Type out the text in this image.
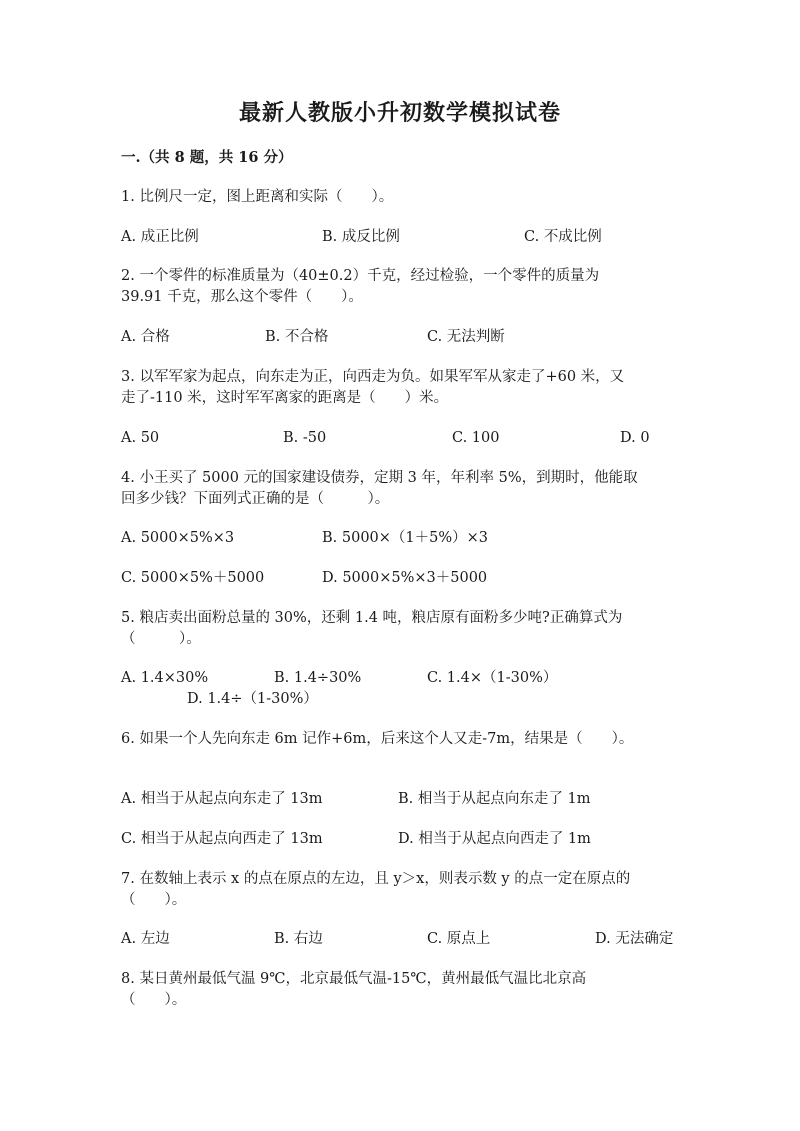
最新人教版小升初数学模拟试卷
一.（共 8 题，共 16 分）
1. 比例尺一定，图上距离和实际（　　）。
A. 成正比例	B. 成反比例	C. 不成比例
2. 一个零件的标准质量为（40±0.2）千克，经过检验，一个零件的质量为
39.91 千克，那么这个零件（　　）。
A. 合格	B. 不合格	C. 无法判断
3. 以军军家为起点，向东走为正，向西走为负。如果军军从家走了+60 米，又
走了-110 米，这时军军离家的距离是（　　）米。
A. 50	B. -50	C. 100	D. 0
4. 小王买了 5000 元的国家建设债券，定期 3 年，年利率 5%，到期时，他能取
回多少钱？下面列式正确的是（　　　）。
A. 5000×5%×3	B. 5000×（1＋5%）×3
C. 5000×5%＋5000	D. 5000×5%×3＋5000
5. 粮店卖出面粉总量的 30%，还剩 1.4 吨，粮店原有面粉多少吨?正确算式为
（　　　）。
A. 1.4×30%	B. 1.4÷30%	C. 1.4×（1-30%）
D. 1.4÷（1-30%）
6. 如果一个人先向东走 6m 记作+6m，后来这个人又走-7m，结果是（　　）。
A. 相当于从起点向东走了 13m	B. 相当于从起点向东走了 1m
C. 相当于从起点向西走了 13m	D. 相当于从起点向西走了 1m
7. 在数轴上表示 x 的点在原点的左边，且 y＞x，则表示数 y 的点一定在原点的
（　　）。
A. 左边	B. 右边	C. 原点上	D. 无法确定
8. 某日黄州最低气温 9℃，北京最低气温-15℃，黄州最低气温比北京高
（　　）。
